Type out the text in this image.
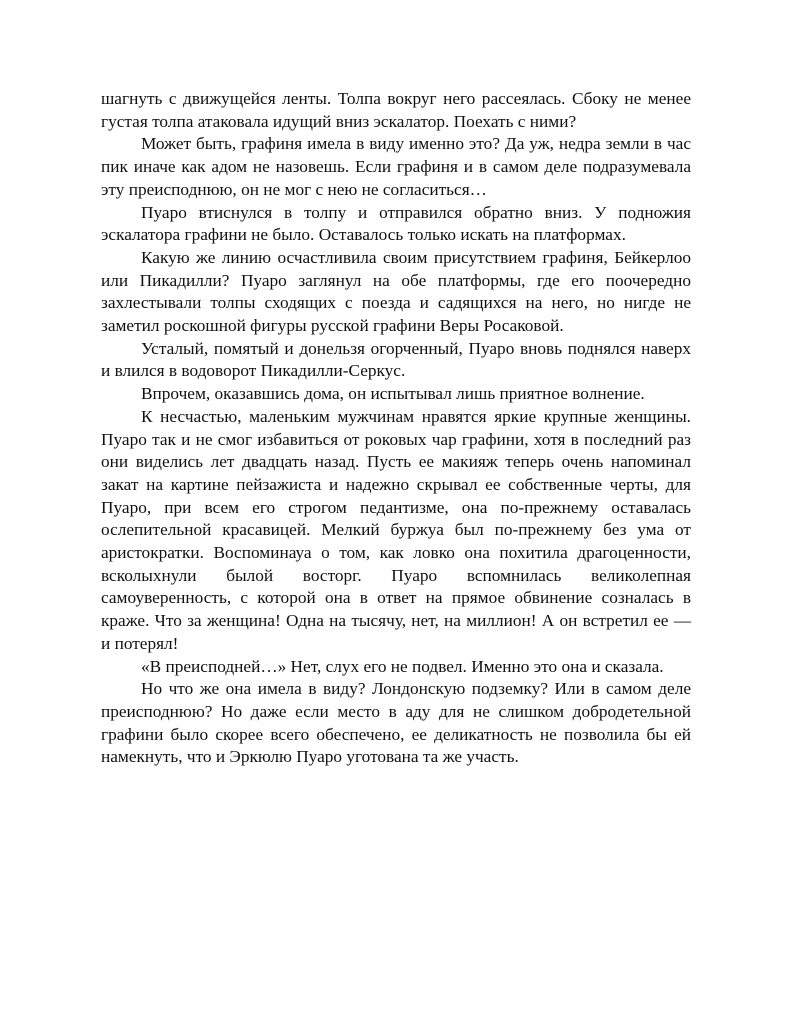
шагнуть с движущейся ленты. Толпа вокруг него рассеялась. Сбоку не менее густая толпа атаковала идущий вниз эскалатор. Поехать с ними?

Может быть, графиня имела в виду именно это? Да уж, недра земли в час пик иначе как адом не назовешь. Если графиня и в самом деле подразумевала эту преисподнюю, он не мог с нею не согласиться…

Пуаро втиснулся в толпу и отправился обратно вниз. У подножия эскалатора графини не было. Оставалось только искать на платформах.

Какую же линию осчастливила своим присутствием графиня, Бейкерлоо или Пикадилли? Пуаро заглянул на обе платформы, где его поочередно захлестывали толпы сходящих с поезда и садящихся на него, но нигде не заметил роскошной фигуры русской графини Веры Росаковой.

Усталый, помятый и донельзя огорченный, Пуаро вновь поднялся наверх и влился в водоворот Пикадилли-Серкус.

Впрочем, оказавшись дома, он испытывал лишь приятное волнение.

К несчастью, маленьким мужчинам нравятся яркие крупные женщины. Пуаро так и не смог избавиться от роковых чар графини, хотя в последний раз они виделись лет двадцать назад. Пусть ее макияж теперь очень напоминал закат на картине пейзажиста и надежно скрывал ее собственные черты, для Пуаро, при всем его строгом педантизме, она по-прежнему оставалась ослепительной красавицей. Мелкий буржуа был по-прежнему без ума от аристократки. Воспоминауа о том, как ловко она похитила драгоценности, всколыхнули былой восторг. Пуаро вспомнилась великолепная самоуверенность, с которой она в ответ на прямое обвинение созналась в краже. Что за женщина! Одна на тысячу, нет, на миллион! А он встретил ее — и потерял!

«В преисподней…» Нет, слух его не подвел. Именно это она и сказала.

Но что же она имела в виду? Лондонскую подземку? Или в самом деле преисподнюю? Но даже если место в аду для не слишком добродетельной графини было скорее всего обеспечено, ее деликатность не позволила бы ей намекнуть, что и Эркюлю Пуаро уготована та же участь.
